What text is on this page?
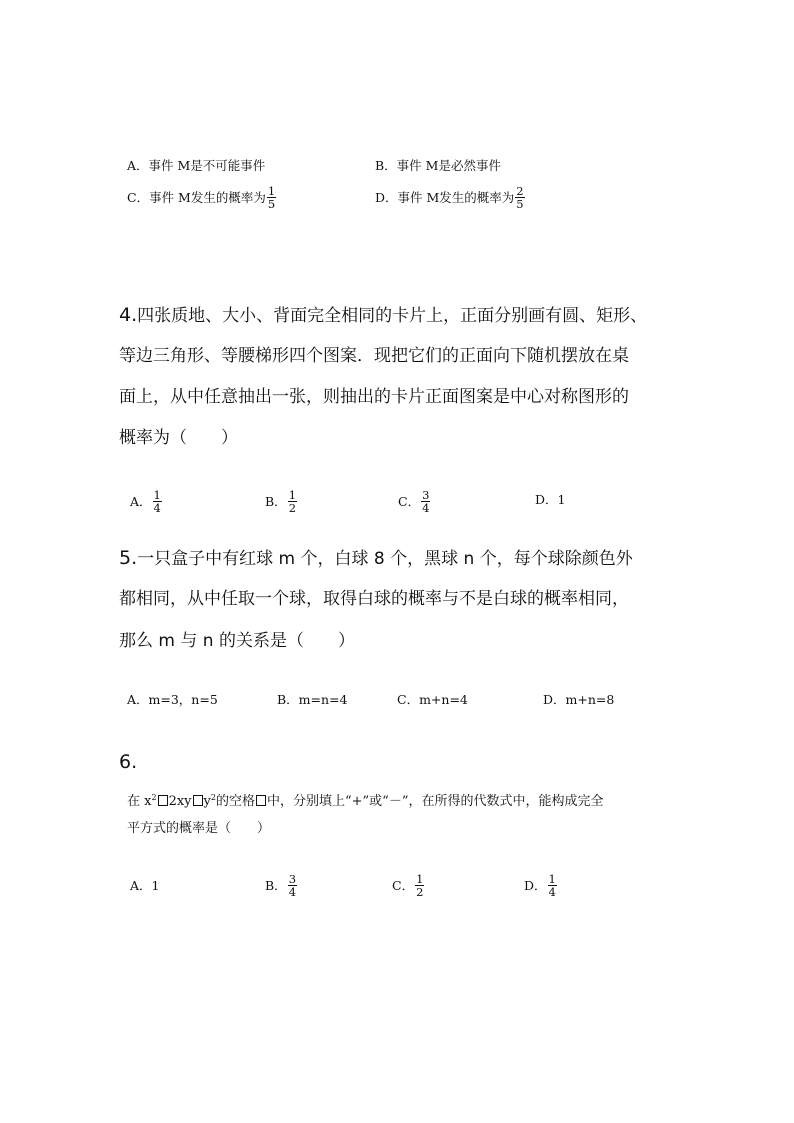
A．事件 M是不可能事件	B．事件 M是必然事件
C．事件 M发生的概率为 $\frac{1}{5}$	D．事件 M发生的概率为 $\frac{2}{5}$
4.四张质地、大小、背面完全相同的卡片上，正面分别画有圆、矩形、
等边三角形、等腰梯形四个图案．现把它们的正面向下随机摆放在桌
面上，从中任意抽出一张，则抽出的卡片正面图案是中心对称图形的
概率为（　　）
A． $\frac{1}{4}$	B． $\frac{1}{2}$	C． $\frac{3}{4}$	D．1
5.一只盒子中有红球 m 个，白球 8 个，黑球 n 个，每个球除颜色外
都相同，从中任取一个球，取得白球的概率与不是白球的概率相同，
那么 m 与 n 的关系是（　　）
A．m=3，n=5	B．m=n=4	C．m+n=4	D．m+n=8
6.
在 $x^2$ 2xy $y^2$的空格 中，分别填上“+”或“－”，在所得的代数式中，能构成完全
平方式的概率是（　　）
A．1	B． $\frac{3}{4}$	C． $\frac{1}{2}$	D． $\frac{1}{4}$
